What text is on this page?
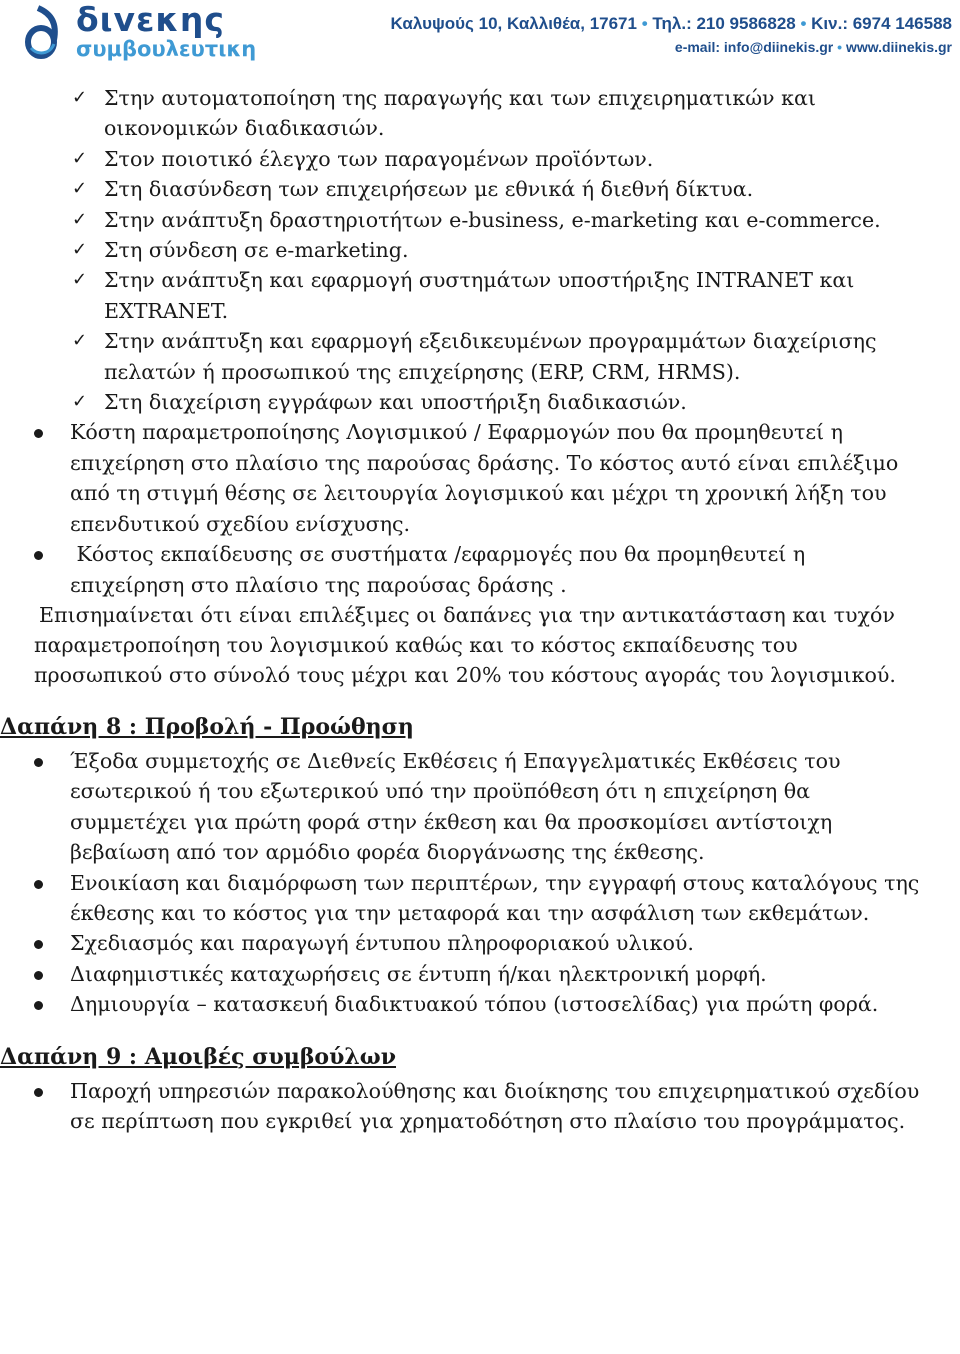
διvεκης
συμβουλευτικη
Καλυψούς 10, Καλλιθέα, 17671 • Τηλ.: 210 9586828 • Κιν.: 6974 146588
e-mail: info@diinekis.gr • www.diinekis.gr
✓ Στην αυτοματοποίηση της παραγωγής και των επιχειρηματικών και οικονομικών διαδικασιών.
✓ Στον ποιοτικό έλεγχο των παραγομένων προϊόντων.
✓ Στη διασύνδεση των επιχειρήσεων με εθνικά ή διεθνή δίκτυα.
✓ Στην ανάπτυξη δραστηριοτήτων e-business, e-marketing και e-commerce.
✓ Στη σύνδεση σε e-marketing.
✓ Στην ανάπτυξη και εφαρμογή συστημάτων υποστήριξης INTRANET και EXTRANET.
✓ Στην ανάπτυξη και εφαρμογή εξειδικευμένων προγραμμάτων διαχείρισης πελατών ή προσωπικού της επιχείρησης (ERP, CRM, HRMS).
✓ Στη διαχείριση εγγράφων και υποστήριξη διαδικασιών.
Κόστη παραμετροποίησης Λογισμικού / Εφαρμογών που θα προμηθευτεί η επιχείρηση στο πλαίσιο της παρούσας δράσης. Το κόστος αυτό είναι επιλέξιμο από τη στιγμή θέσης σε λειτουργία λογισμικού και μέχρι τη χρονική λήξη του επενδυτικού σχεδίου ενίσχυσης.
Κόστος εκπαίδευσης σε συστήματα /εφαρμογές που θα προμηθευτεί η επιχείρηση στο πλαίσιο της παρούσας δράσης .

Επισημαίνεται ότι είναι επιλέξιμες οι δαπάνες για την αντικατάσταση και τυχόν παραμετροποίηση του λογισμικού καθώς και το κόστος εκπαίδευσης του προσωπικού στο σύνολό τους μέχρι και 20% του κόστους αγοράς του λογισμικού.

Δαπάνη 8 : Προβολή - Προώθηση
Έξοδα συμμετοχής σε Διεθνείς Εκθέσεις ή Επαγγελματικές Εκθέσεις του εσωτερικού ή του εξωτερικού υπό την προϋπόθεση ότι η επιχείρηση θα συμμετέχει για πρώτη φορά στην έκθεση και θα προσκομίσει αντίστοιχη βεβαίωση από τον αρμόδιο φορέα διοργάνωσης της έκθεσης.
Ενοικίαση και διαμόρφωση των περιπτέρων, την εγγραφή στους καταλόγους της έκθεσης και το κόστος για την μεταφορά και την ασφάλιση των εκθεμάτων.
Σχεδιασμός και παραγωγή έντυπου πληροφοριακού υλικού.
Διαφημιστικές καταχωρήσεις σε έντυπη ή/και ηλεκτρονική μορφή.
Δημιουργία – κατασκευή διαδικτυακού τόπου (ιστοσελίδας) για πρώτη φορά.
Δαπάνη 9 : Αμοιβές συμβούλων
Παροχή υπηρεσιών παρακολούθησης και διοίκησης του επιχειρηματικού σχεδίου σε περίπτωση που εγκριθεί για χρηματοδότηση στο πλαίσιο του προγράμματος.
